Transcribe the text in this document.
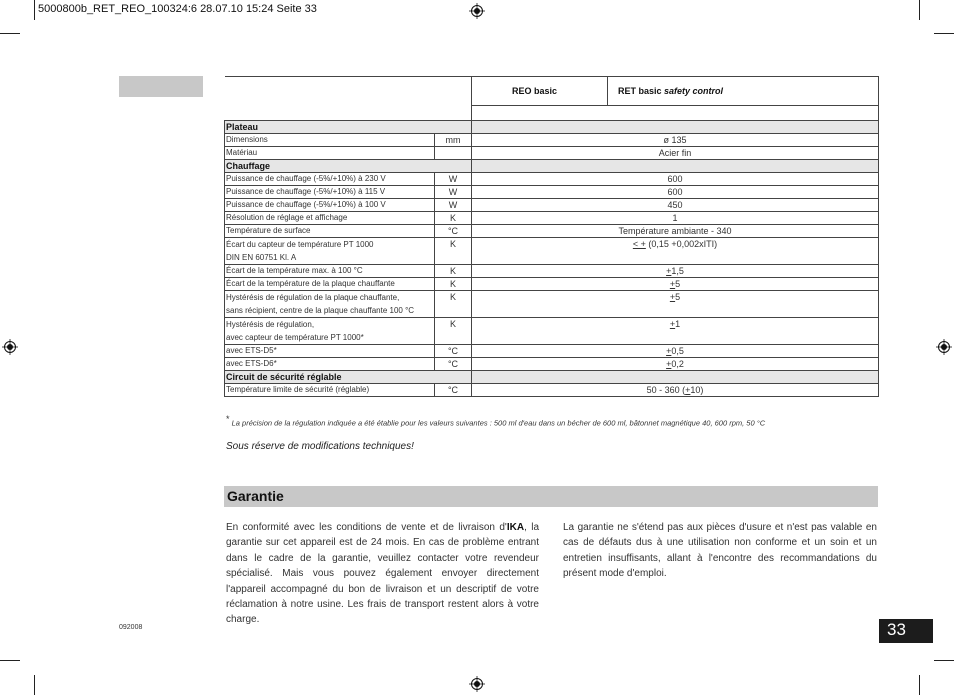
5000800b_RET_REO_100324:6 28.07.10 15:24 Seite 33
		REO basic	RET basic safety control

Plateau			
Dimensions	mm	ø 135	
Matériau		Acier fin	
Chauffage			
Puissance de chauffage (-5%/+10%) à 230 V	W	600	
Puissance de chauffage (-5%/+10%) à 115 V	W	600	
Puissance de chauffage (-5%/+10%) à 100 V	W	450	
Résolution de réglage et affichage	K	1	
Température de surface	°C	Température ambiante - 340	
Écart du capteur de température PT 1000
DIN EN 60751 Kl. A	K	< + (0,15 +0,002xITI)	
Écart de la température max. à 100 °C	K	+1,5	
Écart de la température de la plaque chauffante	K	+5	
Hystérésis de régulation de la plaque chauffante,
sans récipient, centre de la plaque chauffante 100 °C	K	+5	
Hystérésis de régulation,
avec capteur de température PT 1000*	K	+1	
avec ETS-D5*	°C	+0,5	
avec ETS-D6*	°C	+0,2	
Circuit de sécurité réglable			
Température limite de sécurité (réglable)	°C	50 - 360 (+10)	
* La précision de la régulation indiquée a été établie pour les valeurs suivantes : 500 ml d'eau dans un bécher de 600 ml, bâtonnet magnétique 40, 600 rpm, 50 °C
Sous réserve de modifications techniques!
Garantie
En conformité avec les conditions de vente et de livraison d'IKA, la garantie sur cet appareil est de 24 mois. En cas de problème entrant dans le cadre de la garantie, veuillez contacter votre revendeur spécialisé. Mais vous pouvez également envoyer directement l'appareil accompagné du bon de livraison et un descriptif de votre réclamation à notre usine. Les frais de transport restent alors à votre charge.
La garantie ne s'étend pas aux pièces d'usure et n'est pas valable en cas de défauts dus à une utilisation non conforme et un soin et un entretien insuffisants, allant à l'encontre des recommandations du présent mode d'emploi.
092008	33
